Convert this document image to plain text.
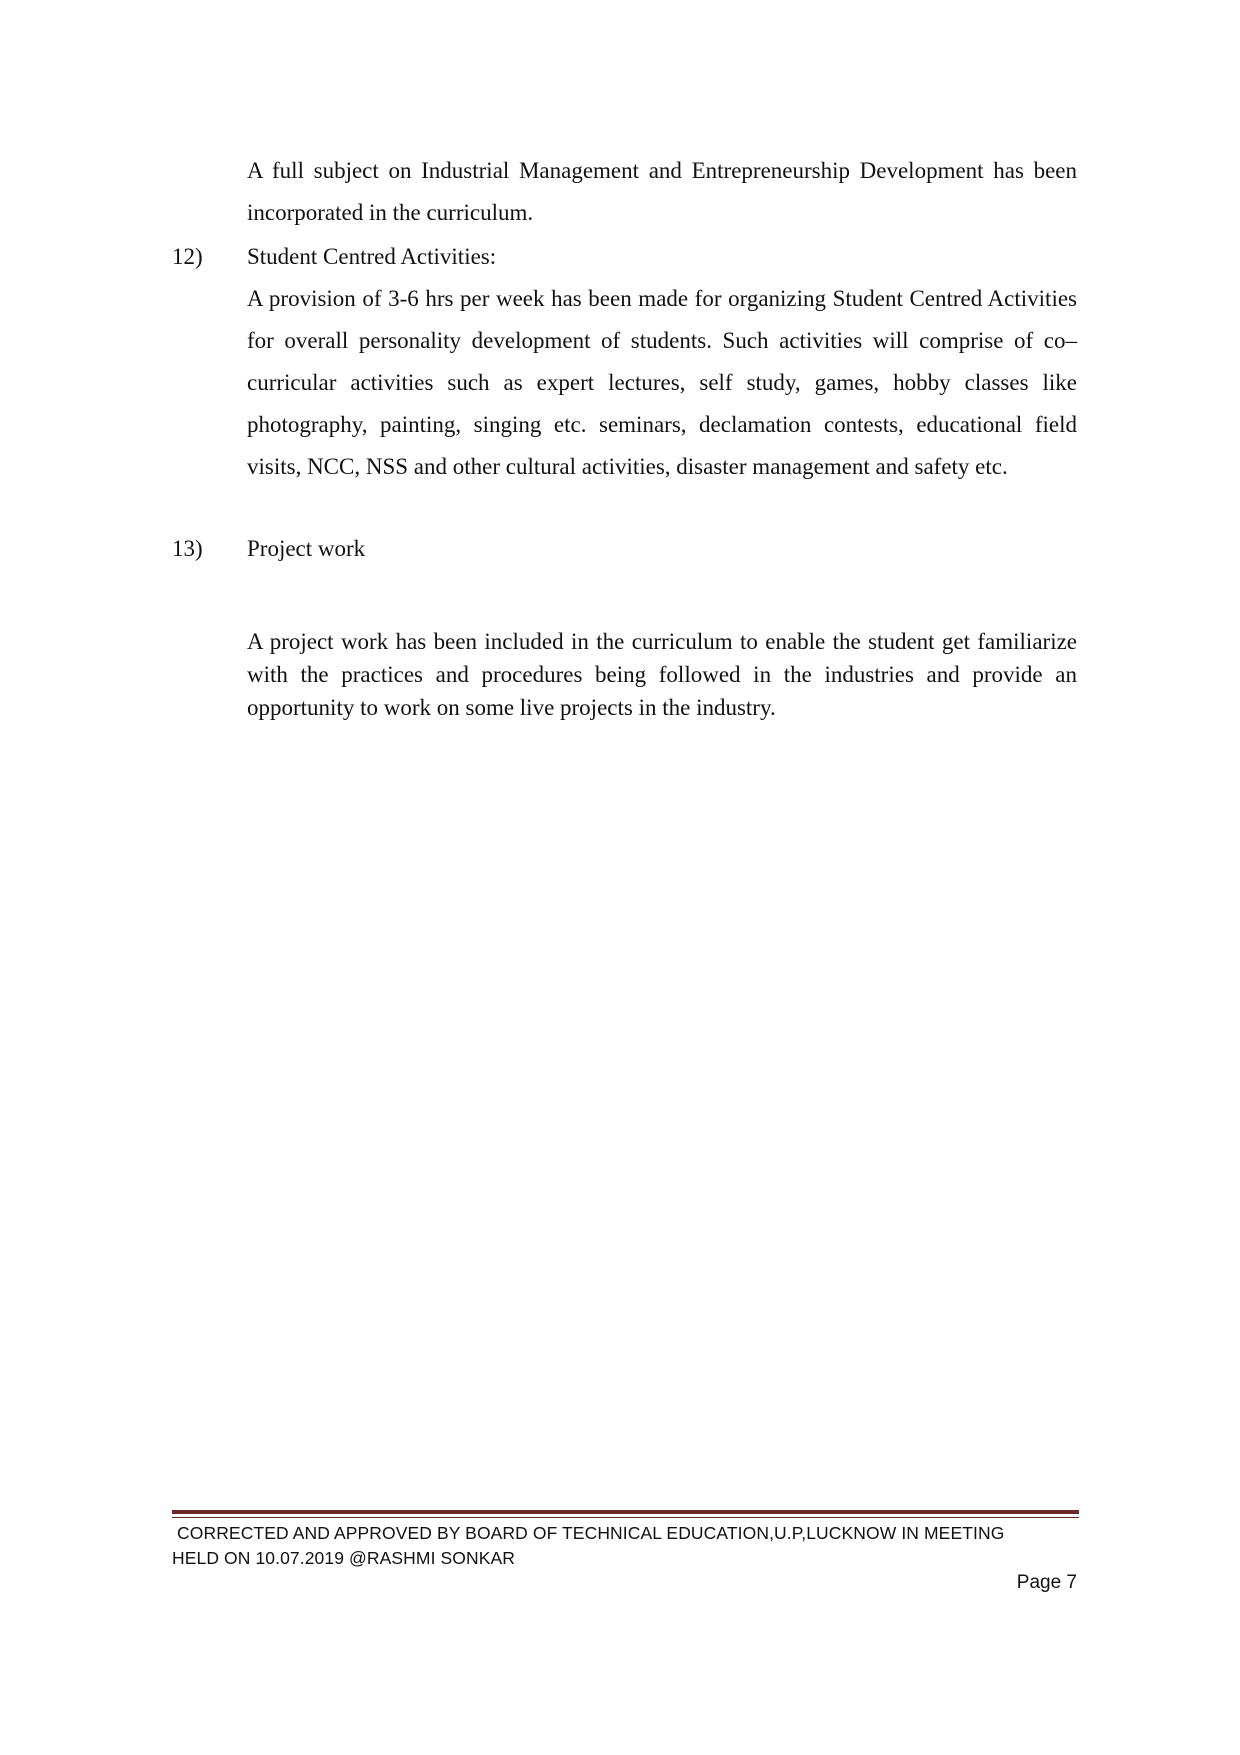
A full subject on Industrial Management and Entrepreneurship Development has been incorporated in the curriculum.

12) Student Centred Activities:

A provision of 3-6 hrs per week has been made for organizing Student Centred Activities for overall personality development of students. Such activities will comprise of co–curricular activities such as expert lectures, self study, games, hobby classes like photography, painting, singing etc. seminars, declamation contests, educational field visits, NCC, NSS and other cultural activities, disaster management and safety etc.

13) Project work

A project work has been included in the curriculum to enable the student get familiarize with the practices and procedures being followed in the industries and provide an opportunity to work on some live projects in the industry.

CORRECTED AND APPROVED BY BOARD OF TECHNICAL EDUCATION,U.P,LUCKNOW IN MEETING
HELD ON 10.07.2019 @RASHMI SONKAR
Page 7
